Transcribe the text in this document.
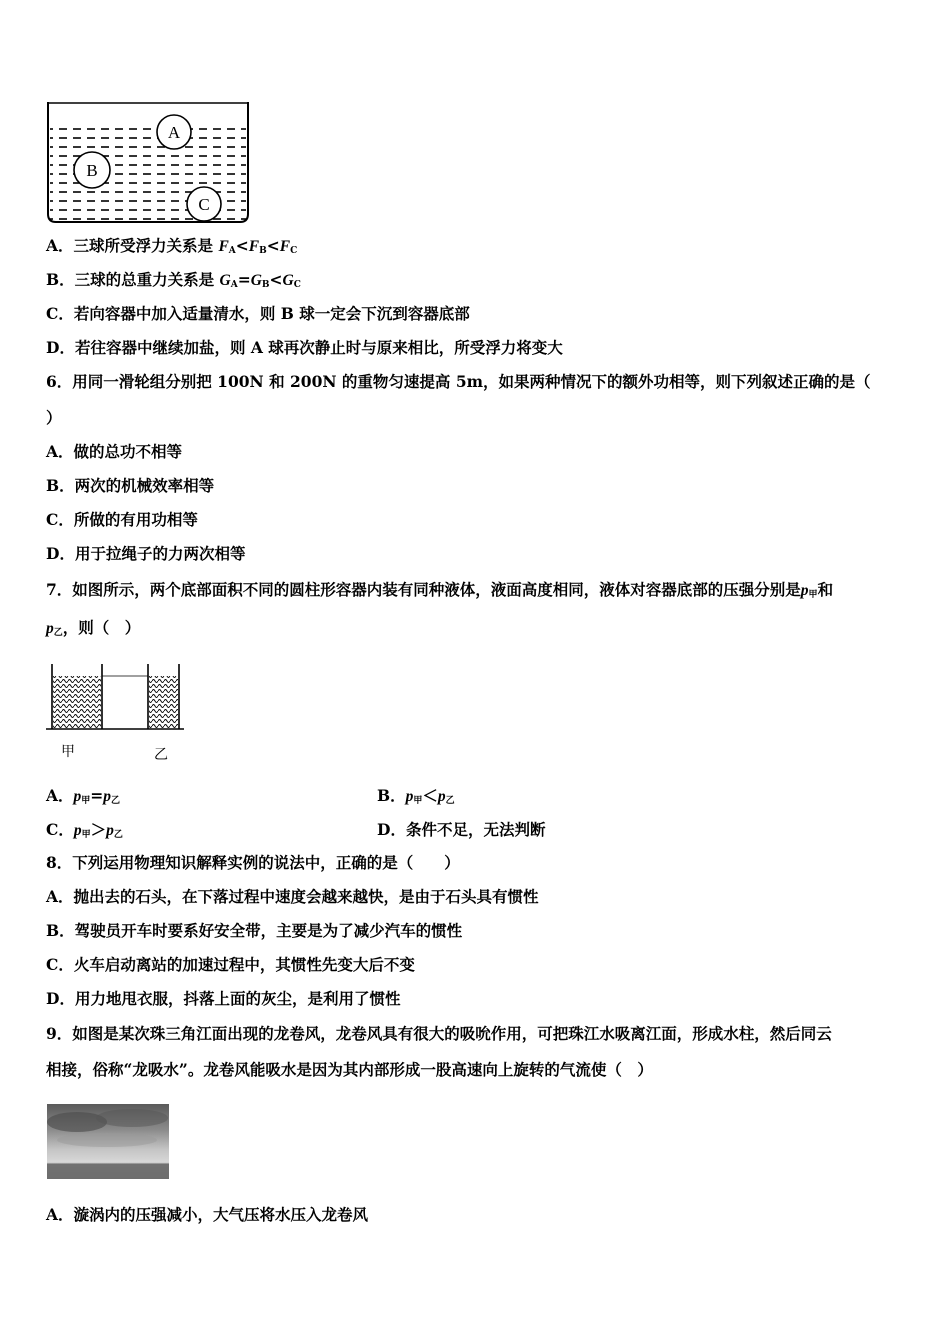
A
B
C
A．三球所受浮力关系是 $F_A<F_B<F_C$
B．三球的总重力关系是 $G_A=G_B<G_C$
C．若向容器中加入适量清水，则 B 球一定会下沉到容器底部
D．若往容器中继续加盐，则 A 球再次静止时与原来相比，所受浮力将变大
6．用同一滑轮组分别把 100N 和 200N 的重物匀速提高 5m，如果两种情况下的额外功相等，则下列叙述正确的是（
）
A．做的总功不相等
B．两次的机械效率相等
C．所做的有用功相等
D．用于拉绳子的力两次相等
7．如图所示，两个底部面积不同的圆柱形容器内装有同种液体，液面高度相同，液体对容器底部的压强分别是$p_甲$和
$p_乙$，则（　）
甲	乙
A．$p_甲=p_乙$	B．$p_甲<p_乙$
C．$p_甲>p_乙$	D．条件不足，无法判断
8．下列运用物理知识解释实例的说法中，正确的是（　　）
A．抛出去的石头，在下落过程中速度会越来越快，是由于石头具有惯性
B．驾驶员开车时要系好安全带，主要是为了减少汽车的惯性
C．火车启动离站的加速过程中，其惯性先变大后不变
D．用力地甩衣服，抖落上面的灰尘，是利用了惯性
9．如图是某次珠三角江面出现的龙卷风，龙卷风具有很大的吸吮作用，可把珠江水吸离江面，形成水柱，然后同云
相接，俗称“龙吸水”。龙卷风能吸水是因为其内部形成一股高速向上旋转的气流使（　）
A．漩涡内的压强减小，大气压将水压入龙卷风
